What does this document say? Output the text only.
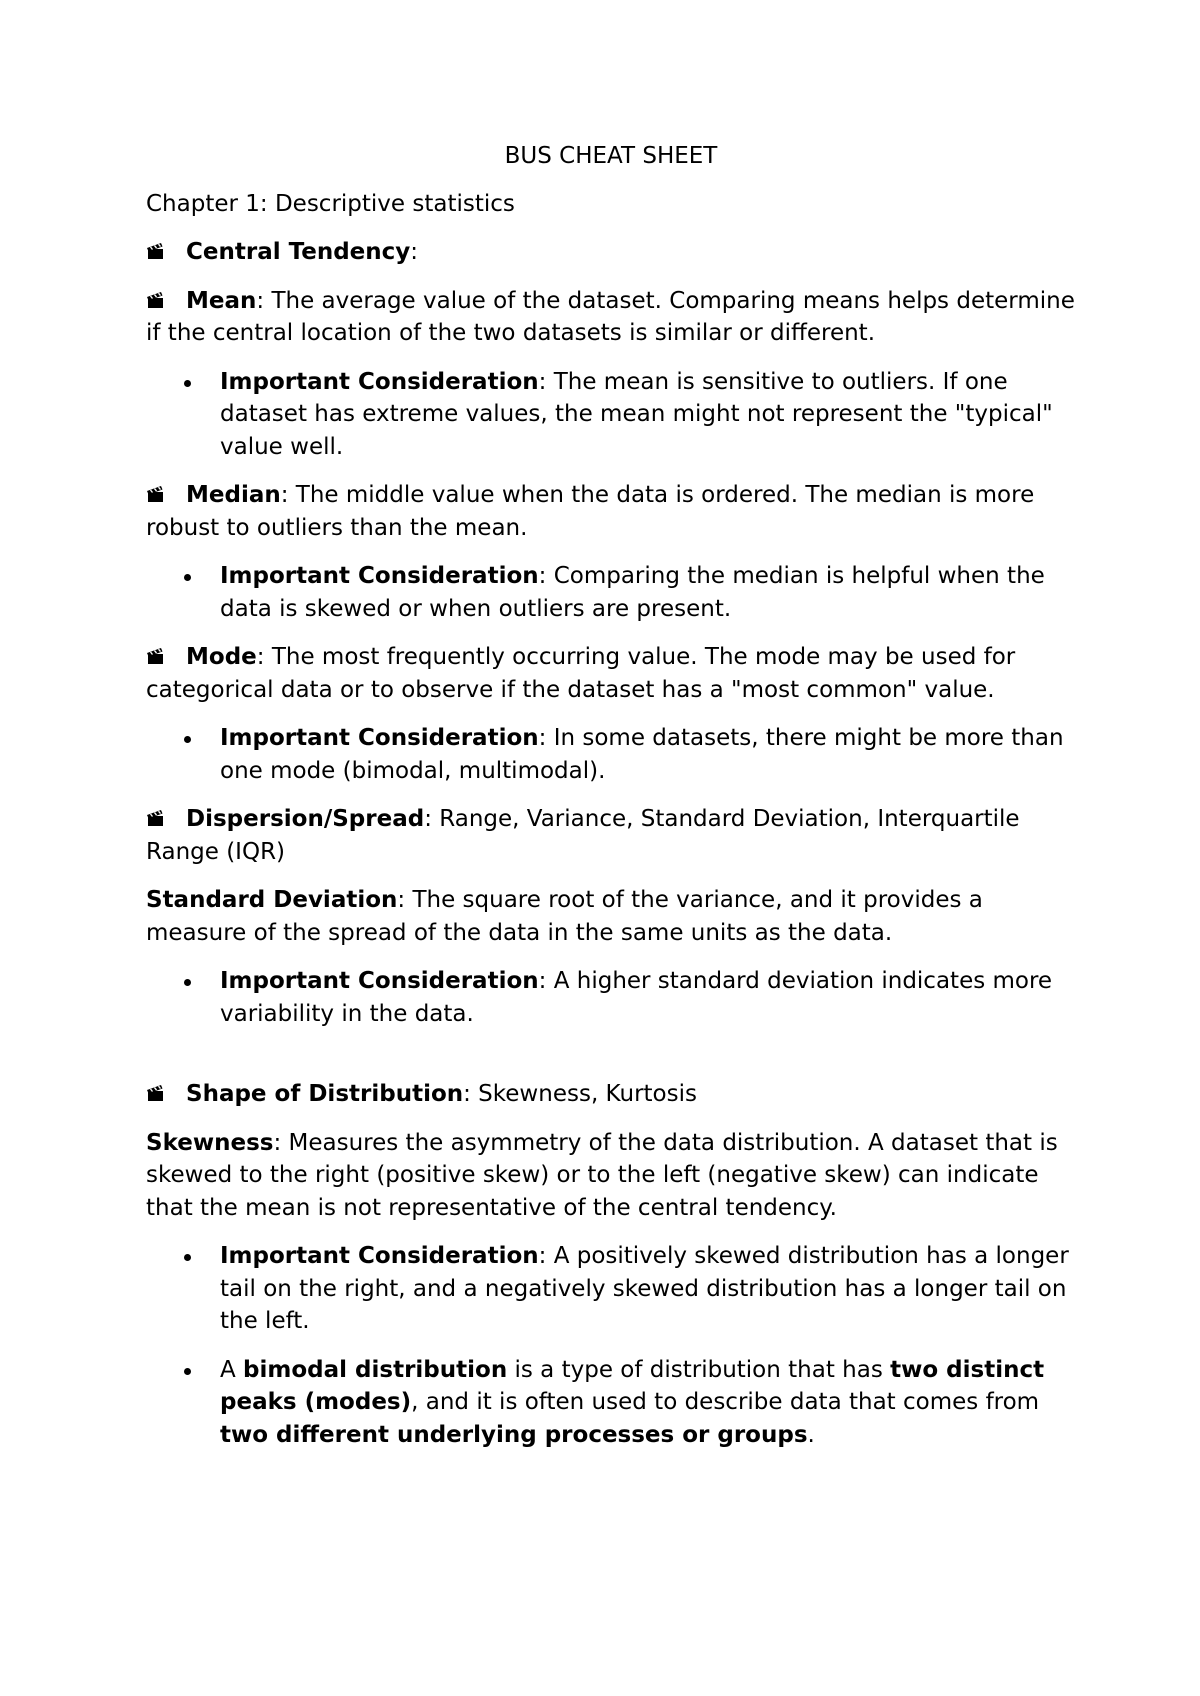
BUS CHEAT SHEET

Chapter 1: Descriptive statistics

Central Tendency:

Mean: The average value of the dataset. Comparing means helps determine if the central location of the two datasets is similar or different.

Important Consideration: The mean is sensitive to outliers. If one dataset has extreme values, the mean might not represent the "typical" value well.

Median: The middle value when the data is ordered. The median is more robust to outliers than the mean.

Important Consideration: Comparing the median is helpful when the data is skewed or when outliers are present.

Mode: The most frequently occurring value. The mode may be used for categorical data or to observe if the dataset has a "most common" value.

Important Consideration: In some datasets, there might be more than one mode (bimodal, multimodal).

Dispersion/Spread: Range, Variance, Standard Deviation, Interquartile Range (IQR)

Standard Deviation: The square root of the variance, and it provides a measure of the spread of the data in the same units as the data.

Important Consideration: A higher standard deviation indicates more variability in the data.

Shape of Distribution: Skewness, Kurtosis

Skewness: Measures the asymmetry of the data distribution. A dataset that is skewed to the right (positive skew) or to the left (negative skew) can indicate that the mean is not representative of the central tendency.

Important Consideration: A positively skewed distribution has a longer tail on the right, and a negatively skewed distribution has a longer tail on the left.
A bimodal distribution is a type of distribution that has two distinct peaks (modes), and it is often used to describe data that comes from two different underlying processes or groups.
